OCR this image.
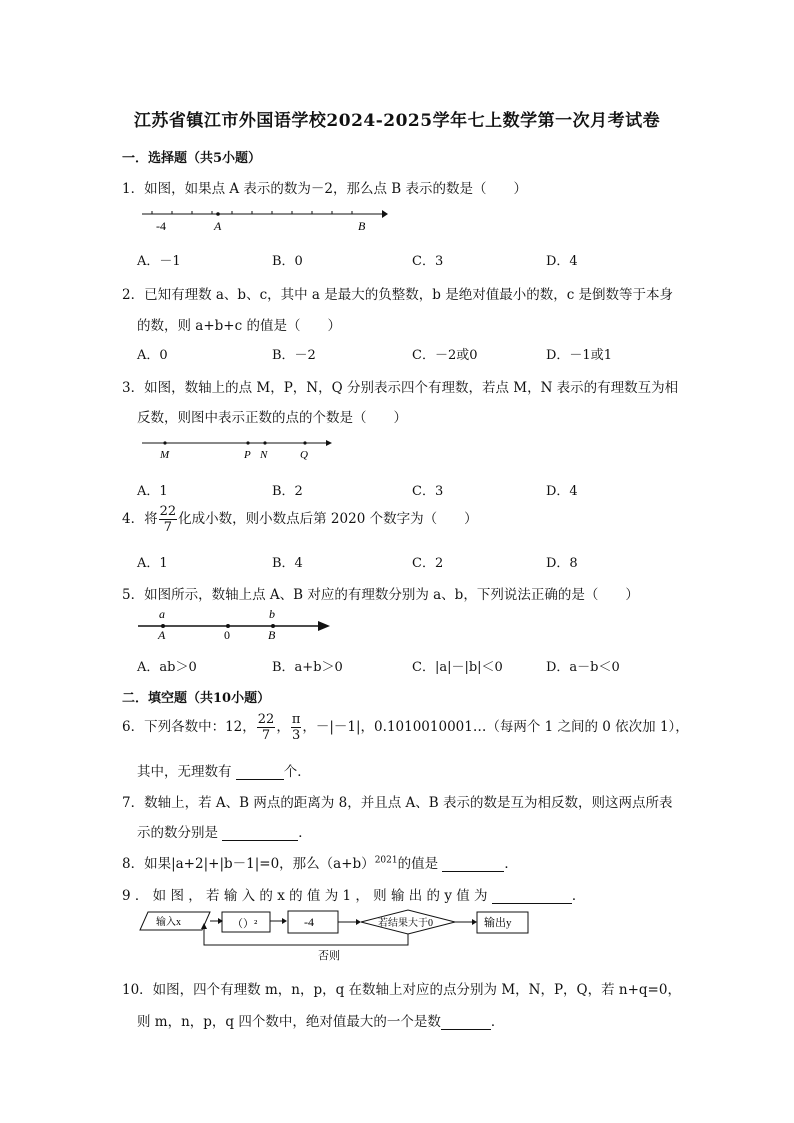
江苏省镇江市外国语学校2024-2025学年七上数学第一次月考试卷
一．选择题（共5小题）
1．如图，如果点 A 表示的数为－2，那么点 B 表示的数是（　　）
-4	A	B
A．－1	B．0	C．3	D．4
2．已知有理数 a、b、c，其中 a 是最大的负整数，b 是绝对值最小的数，c 是倒数等于本身
的数，则 a+b+c 的值是（　　）
A．0	B．－2	C．－2或0	D．－1或1
3．如图，数轴上的点 M，P，N，Q 分别表示四个有理数，若点 M，N 表示的有理数互为相
反数，则图中表示正数的点的个数是（　　）
M	P N	Q
A．1	B．2	C．3	D．4
4．将 $\frac{22}{7}$ 化成小数，则小数点后第 2020 个数字为（　　）
A．1	B．4	C．2	D．8
5．如图所示，数轴上点 A、B 对应的有理数分别为 a、b，下列说法正确的是（　　）
a	b
A	0	B
A．ab＞0	B．a+b＞0	C．|a|－|b|＜0	D．a－b＜0
二．填空题（共10小题）
6．下列各数中：12， $\frac{22}{7}$ ， $\frac{\pi}{3}$ ，－|－1|，0.1010010001…（每两个 1 之间的 0 依次加 1），
其中，无理数有	个．
7．数轴上，若 A、B 两点的距离为 8，并且点 A、B 表示的数是互为相反数，则这两点所表
示的数分别是	．
8．如果|a+2|+|b－1|=0，那么$(a+b)^{2021}$的值是	．
9 ． 如 图 ， 若 输 入 的 x 的 值 为 1 ， 则 输 出 的 y 值 为	．
输入x	（）²	-4	若结果大于0	输出y
否则
10．如图，四个有理数 m，n，p，q 在数轴上对应的点分别为 M，N，P，Q，若 n+q=0，
则 m，n，p，q 四个数中，绝对值最大的一个是数	．
